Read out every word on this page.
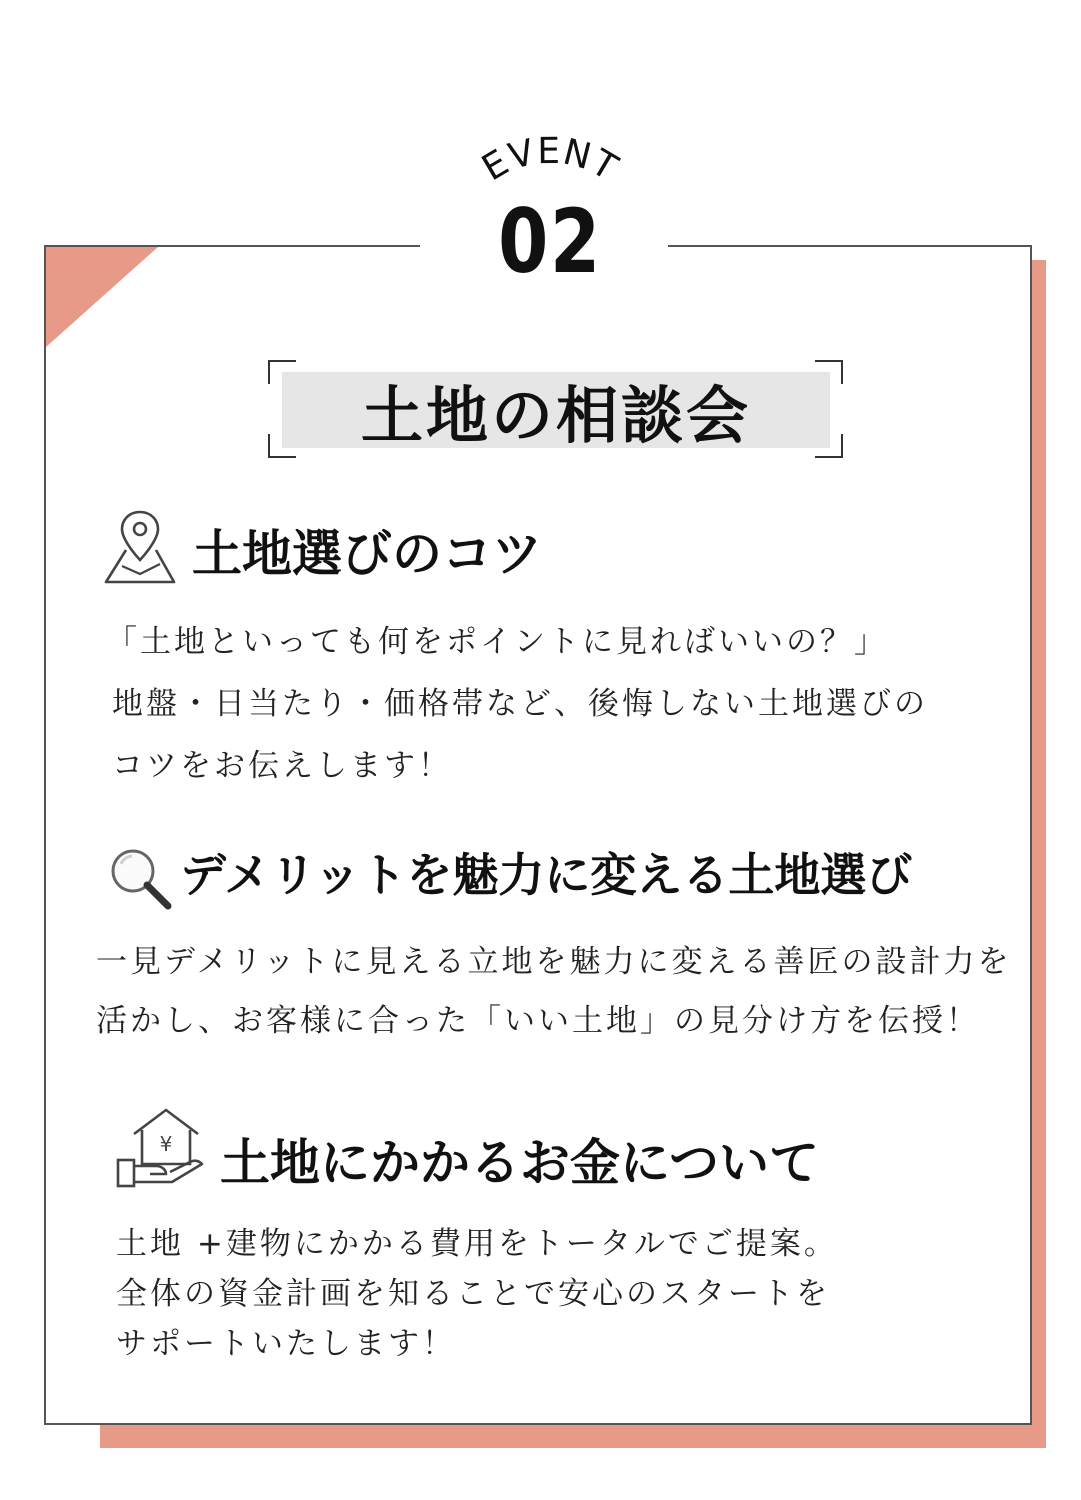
EVENT
02
土地の相談会
土地選びのコツ
「土地といっても何をポイントに見ればいいの？」
地盤・日当たり・価格帯など、後悔しない土地選びの
コツをお伝えします！
デメリットを魅力に変える土地選び
一見デメリットに見える立地を魅力に変える善匠の設計力を
活かし、お客様に合った「いい土地」の見分け方を伝授！
¥ 土地にかかるお金について
土地 +建物にかかる費用をトータルでご提案。
全体の資金計画を知ることで安心のスタートを
サポートいたします！
